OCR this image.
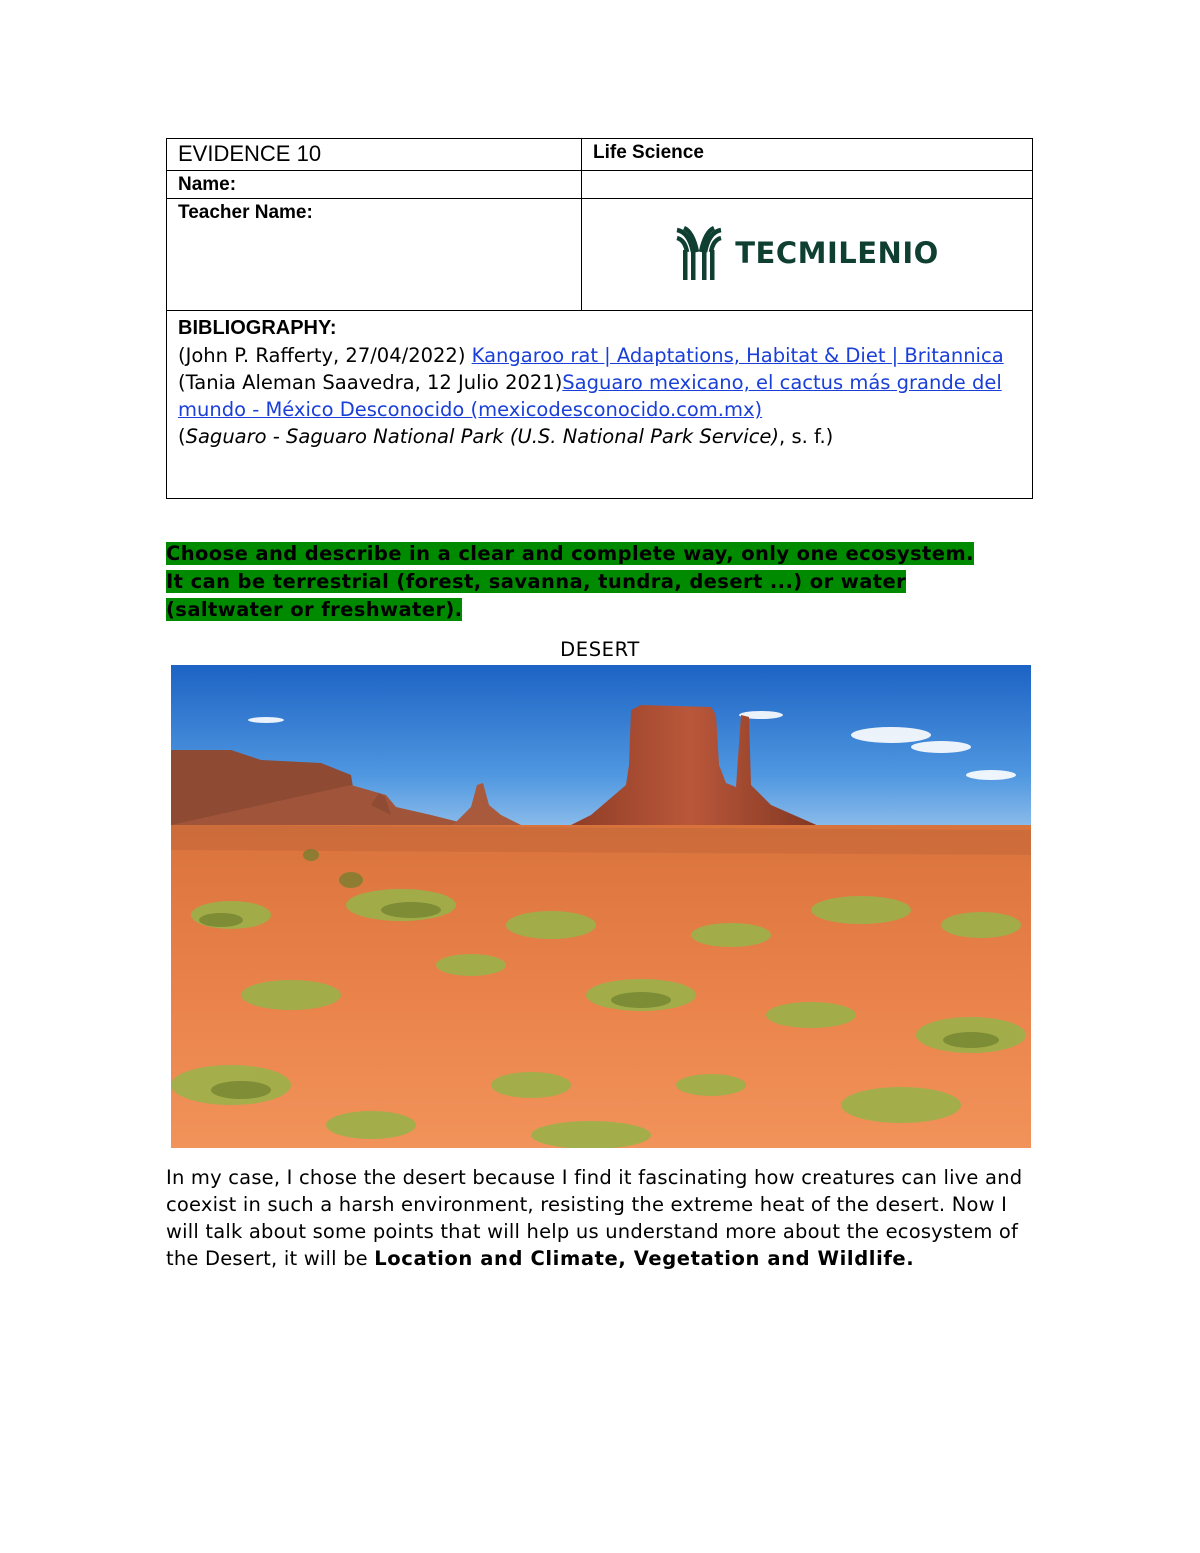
EVIDENCE 10	Life Science
Name:	
Teacher Name:	TECMILENIO

BIBLIOGRAPHY:
(John P. Rafferty, 27/04/2022) Kangaroo rat | Adaptations, Habitat & Diet | Britannica
(Tania Aleman Saavedra, 12 Julio 2021)Saguaro mexicano, el cactus más grande del mundo - México Desconocido (mexicodesconocido.com.mx)
(Saguaro - Saguaro National Park (U.S. National Park Service), s. f.)	
Choose and describe in a clear and complete way, only one ecosystem.
It can be terrestrial (forest, savanna, tundra, desert ...) or water
(saltwater or freshwater).
DESERT
In my case, I chose the desert because I find it fascinating how creatures can live and coexist in such a harsh environment, resisting the extreme heat of the desert. Now I will talk about some points that will help us understand more about the ecosystem of the Desert, it will be Location and Climate, Vegetation and Wildlife.
